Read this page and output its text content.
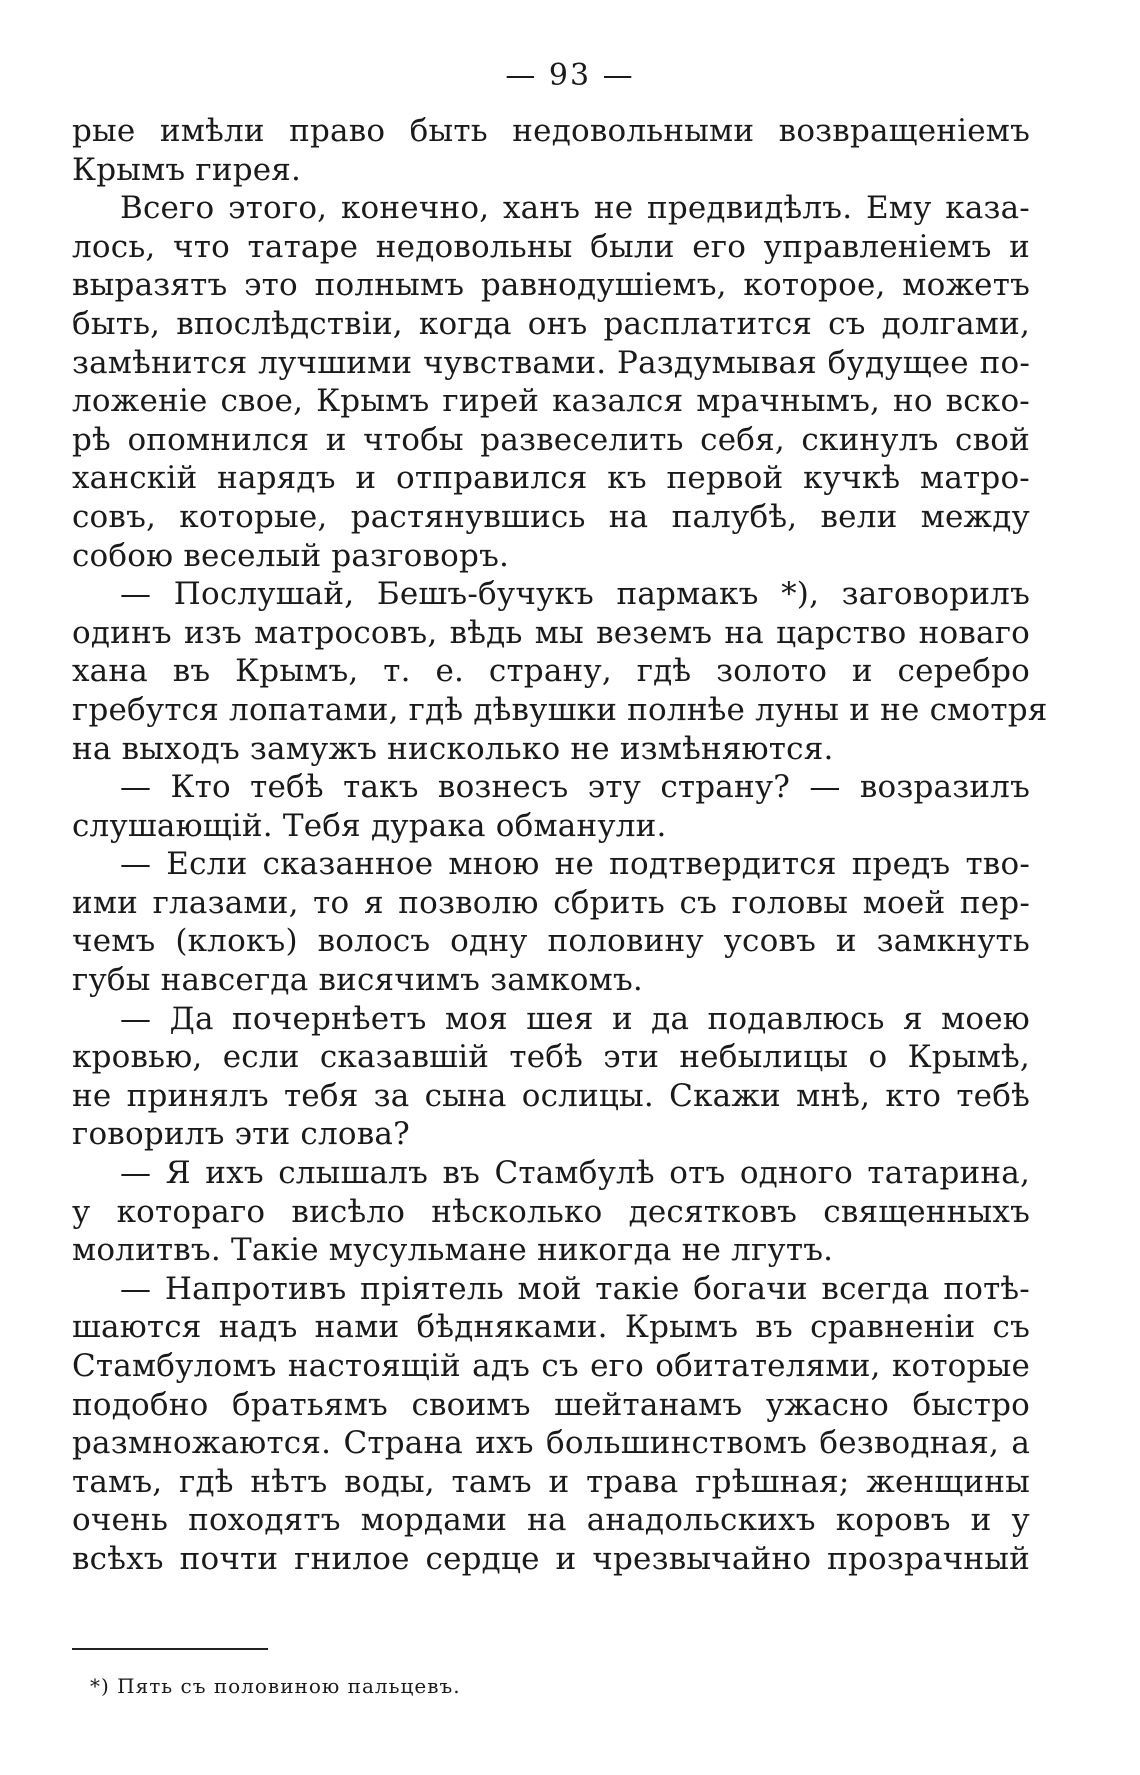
— 93 —
рые имѣли право быть недовольными возвращеніемъ
Крымъ гирея.
Всего этого, конечно, ханъ не предвидѣлъ. Ему каза-
лось, что татаре недовольны были его управленіемъ и
выразятъ это полнымъ равнодушіемъ, которое, можетъ
быть, впослѣдствіи, когда онъ расплатится съ долгами,
замѣнится лучшими чувствами. Раздумывая будущее по-
ложеніе свое, Крымъ гирей казался мрачнымъ, но вско-
рѣ опомнился и чтобы развеселить себя, скинулъ свой
ханскій нарядъ и отправился къ первой кучкѣ матро-
совъ, которые, растянувшись на палубѣ, вели между
собою веселый разговоръ.
— Послушай, Бешъ-бучукъ пармакъ *), заговорилъ
одинъ изъ матросовъ, вѣдь мы веземъ на царство новаго
хана въ Крымъ, т. е. страну, гдѣ золото и серебро
гребутся лопатами, гдѣ дѣвушки полнѣе луны и не смотря
на выходъ замужъ нисколько не измѣняются.
— Кто тебѣ такъ вознесъ эту страну? — возразилъ
слушающій. Тебя дурака обманули.
— Если сказанное мною не подтвердится предъ тво-
ими глазами, то я позволю сбрить съ головы моей пер-
чемъ (клокъ) волосъ одну половину усовъ и замкнуть
губы навсегда висячимъ замкомъ.
— Да почернѣетъ моя шея и да подавлюсь я моею
кровью, если сказавшій тебѣ эти небылицы о Крымѣ,
не принялъ тебя за сына ослицы. Скажи мнѣ, кто тебѣ
говорилъ эти слова?
— Я ихъ слышалъ въ Стамбулѣ отъ одного татарина,
у котораго висѣло нѣсколько десятковъ священныхъ
молитвъ. Такіе мусульмане никогда не лгутъ.
— Напротивъ пріятель мой такіе богачи всегда потѣ-
шаются надъ нами бѣдняками. Крымъ въ сравненіи съ
Стамбуломъ настоящій адъ съ его обитателями, которые
подобно братьямъ своимъ шейтанамъ ужасно быстро
размножаются. Страна ихъ большинствомъ безводная, а
тамъ, гдѣ нѣтъ воды, тамъ и трава грѣшная; женщины
очень походятъ мордами на анадольскихъ коровъ и у
всѣхъ почти гнилое сердце и чрезвычайно прозрачный
*) Пять съ половиною пальцевъ.
